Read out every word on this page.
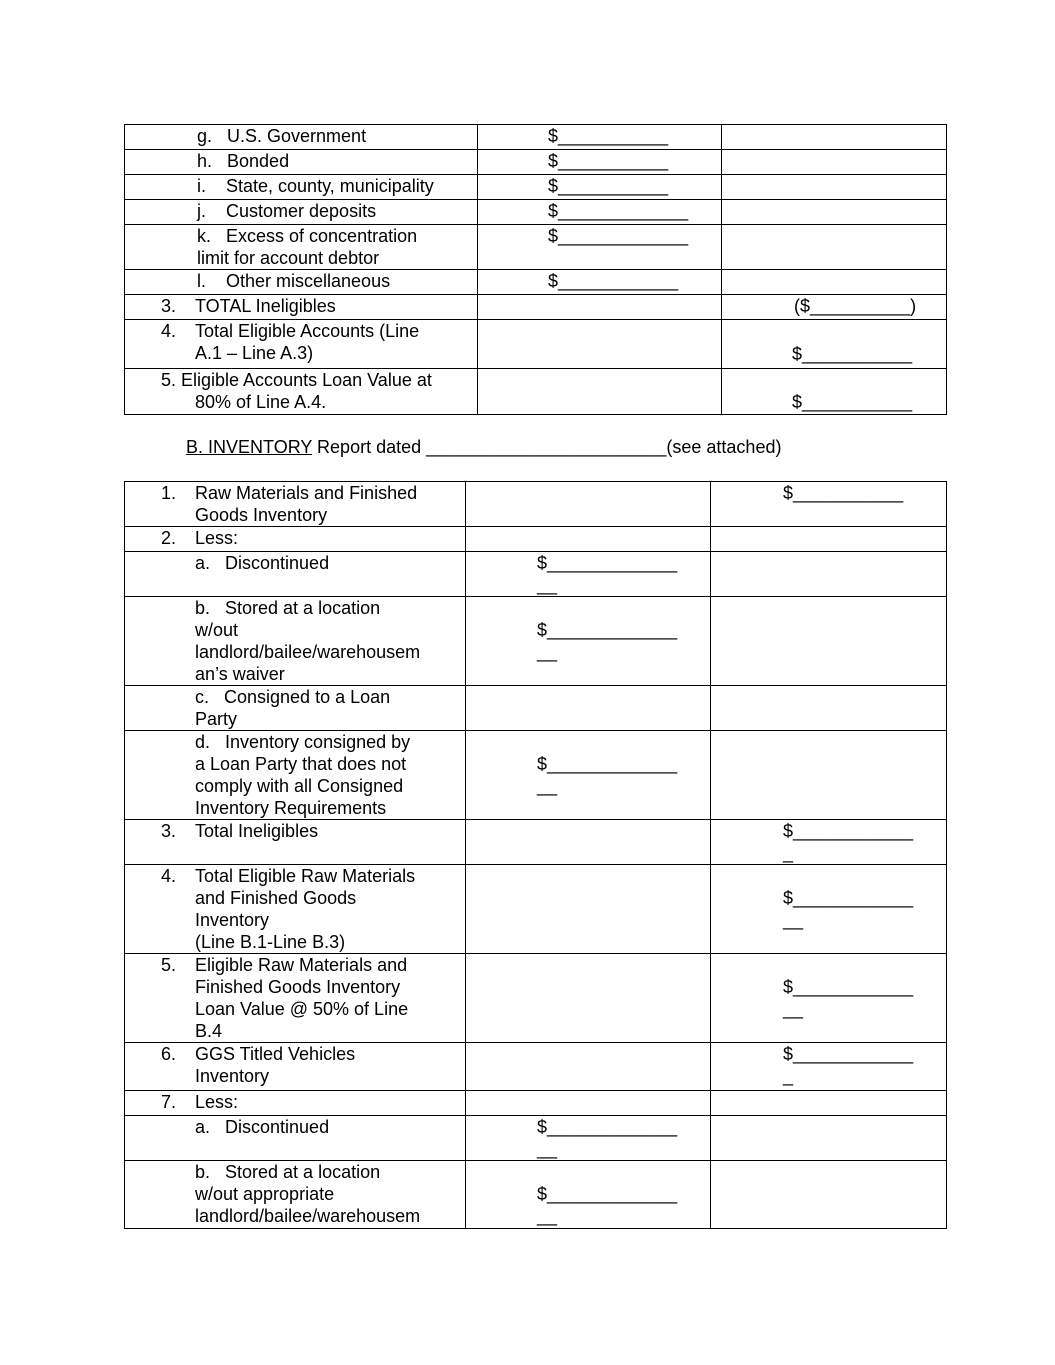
g.   U.S. Government	$___________	

h.   Bonded	$___________	

i.    State, county, municipality	$___________	

j.    Customer deposits	$_____________	

k.   Excess of concentration
limit for account debtor	$_____________	

l.    Other miscellaneous	$____________	

3. TOTAL Ineligibles		($__________)

4. Total Eligible Accounts (Line
A.1 – Line A.3)		$___________

5. Eligible Accounts Loan Value at
80% of Line A.4.		$___________
B. INVENTORY Report dated ________________________(see attached)
1. Raw Materials and Finished
Goods Inventory		$___________

2. Less:		

a.   Discontinued	$_____________
__	

b.   Stored at a location
w/out
landlord/bailee/warehousem
an’s waiver	$_____________
__	

c.   Consigned to a Loan
Party		

d.   Inventory consigned by
a Loan Party that does not
comply with all Consigned
Inventory Requirements	$_____________
__	

3. Total Ineligibles		$____________
_

4. Total Eligible Raw Materials
and Finished Goods
Inventory
(Line B.1-Line B.3)		$____________
__

5. Eligible Raw Materials and
Finished Goods Inventory
Loan Value @ 50% of Line
B.4		$____________
__

6. GGS Titled Vehicles
Inventory		$____________
_

7. Less:		

a.   Discontinued	$_____________
__	

b.   Stored at a location
w/out appropriate
landlord/bailee/warehousem	$_____________
__	
